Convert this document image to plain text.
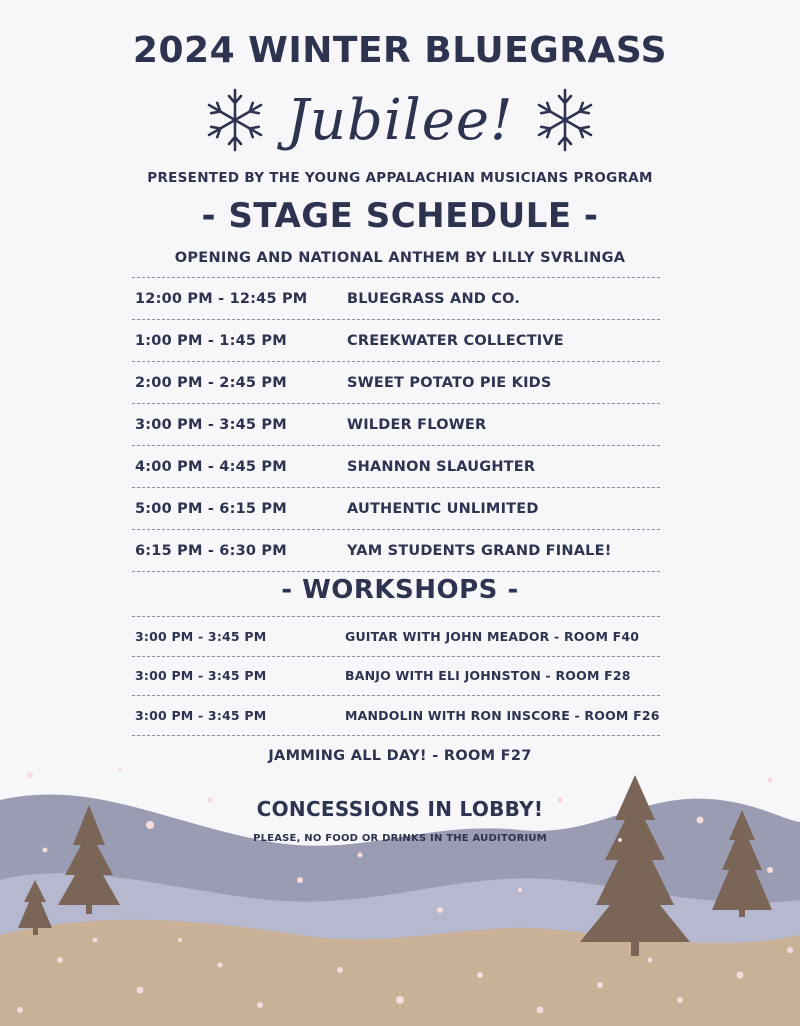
2024 WINTER BLUEGRASS
Jubilee!
PRESENTED BY THE YOUNG APPALACHIAN MUSICIANS PROGRAM
- STAGE SCHEDULE -
OPENING AND NATIONAL ANTHEM BY LILLY SVRLINGA
12:00 PM - 12:45 PM	BLUEGRASS AND CO.
1:00 PM - 1:45 PM	CREEKWATER COLLECTIVE
2:00 PM - 2:45 PM	SWEET POTATO PIE KIDS
3:00 PM - 3:45 PM	WILDER FLOWER
4:00 PM - 4:45 PM	SHANNON SLAUGHTER
5:00 PM - 6:15 PM	AUTHENTIC UNLIMITED
6:15 PM - 6:30 PM	YAM STUDENTS GRAND FINALE!
- WORKSHOPS -
3:00 PM - 3:45 PM	GUITAR WITH JOHN MEADOR - ROOM F40
3:00 PM - 3:45 PM	BANJO WITH ELI JOHNSTON - ROOM F28
3:00 PM - 3:45 PM	MANDOLIN WITH RON INSCORE - ROOM F26
JAMMING ALL DAY! - ROOM F27
CONCESSIONS IN LOBBY!
PLEASE, NO FOOD OR DRINKS IN THE AUDITORIUM
